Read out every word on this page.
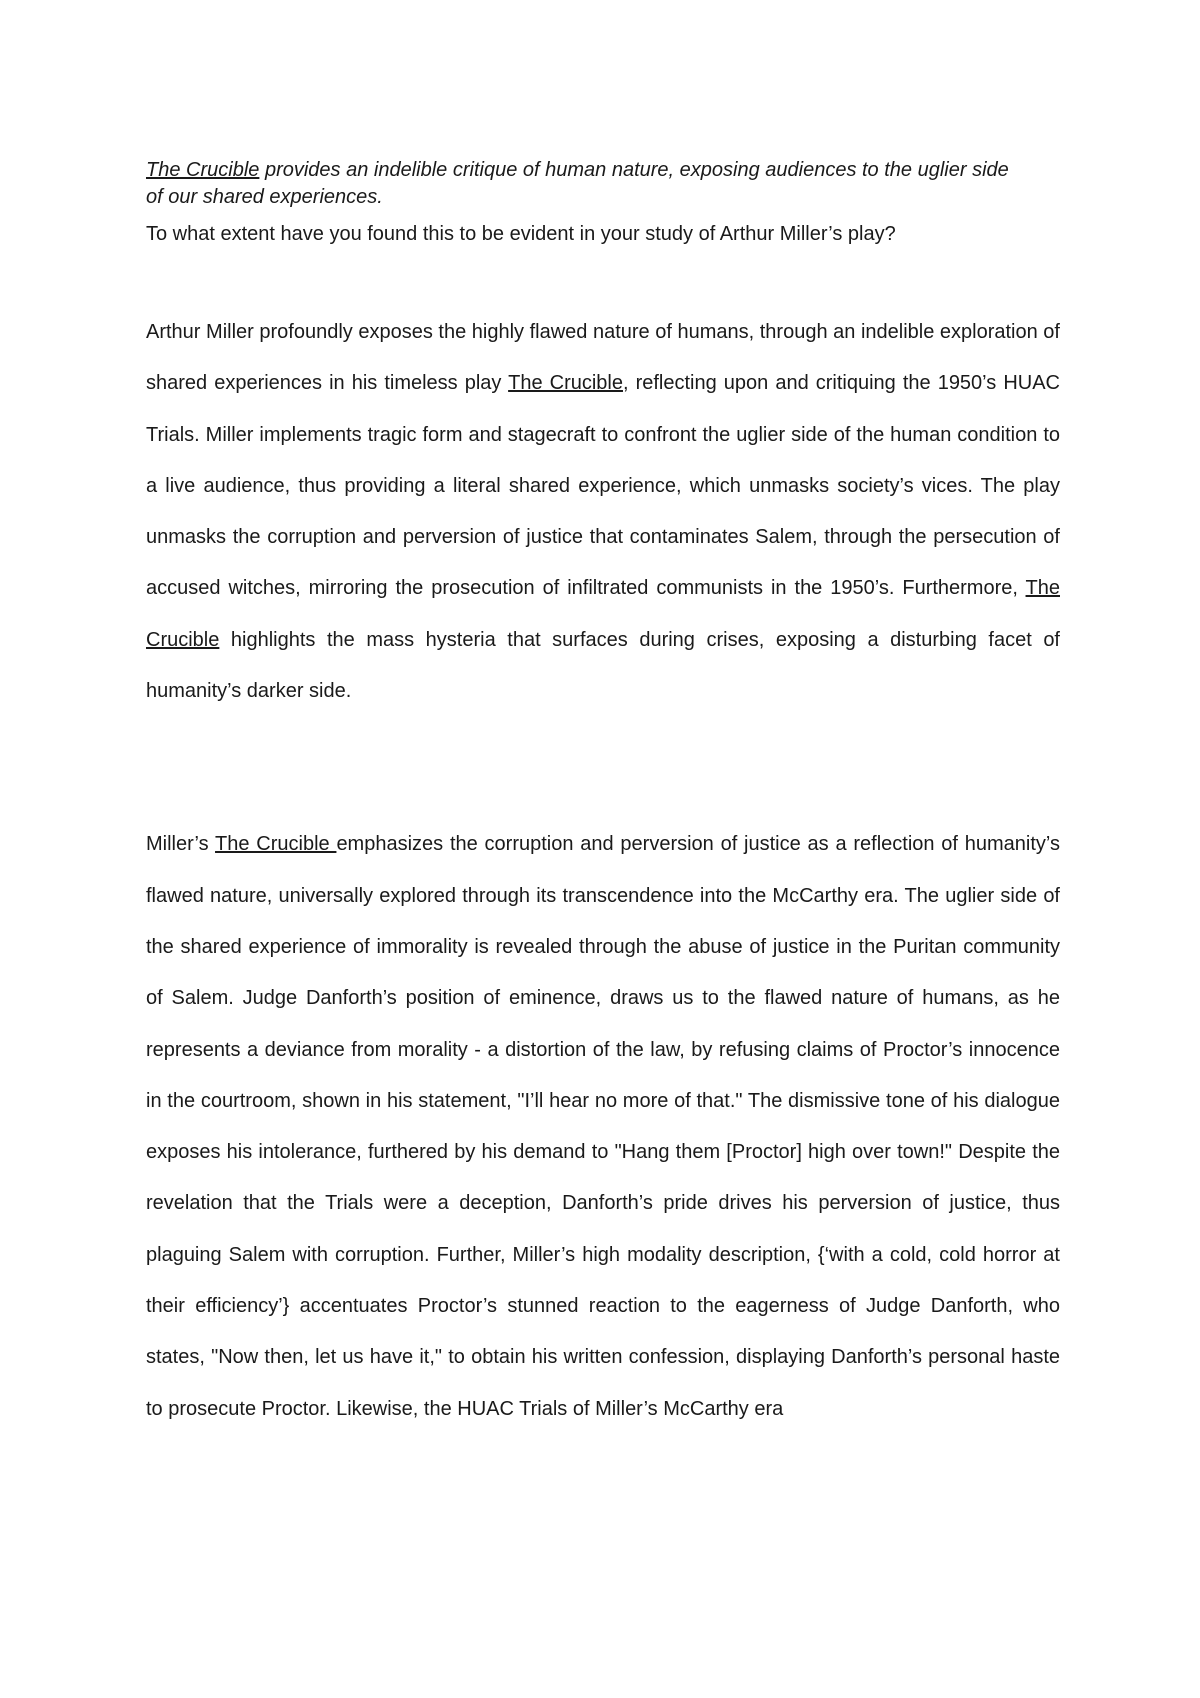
The Crucible provides an indelible critique of human nature, exposing audiences to the uglier side of our shared experiences.

To what extent have you found this to be evident in your study of Arthur Miller’s play?

Arthur Miller profoundly exposes the highly flawed nature of humans, through an indelible exploration of shared experiences in his timeless play The Crucible, reflecting upon and critiquing the 1950’s HUAC Trials. Miller implements tragic form and stagecraft to confront the uglier side of the human condition to a live audience, thus providing a literal shared experience, which unmasks society’s vices. The play unmasks the corruption and perversion of justice that contaminates Salem, through the persecution of accused witches, mirroring the prosecution of infiltrated communists in the 1950’s. Furthermore, The Crucible highlights the mass hysteria that surfaces during crises, exposing a disturbing facet of humanity’s darker side.

Miller’s The Crucible emphasizes the corruption and perversion of justice as a reflection of humanity’s flawed nature, universally explored through its transcendence into the McCarthy era. The uglier side of the shared experience of immorality is revealed through the abuse of justice in the Puritan community of Salem. Judge Danforth’s position of eminence, draws us to the flawed nature of humans, as he represents a deviance from morality - a distortion of the law, by refusing claims of Proctor’s innocence in the courtroom, shown in his statement, "I’ll hear no more of that." The dismissive tone of his dialogue exposes his intolerance, furthered by his demand to "Hang them [Proctor] high over town!" Despite the revelation that the Trials were a deception, Danforth’s pride drives his perversion of justice, thus plaguing Salem with corruption. Further, Miller’s high modality description, {‘with a cold, cold horror at their efficiency’} accentuates Proctor’s stunned reaction to the eagerness of Judge Danforth, who states, "Now then, let us have it," to obtain his written confession, displaying Danforth’s personal haste to prosecute Proctor. Likewise, the HUAC Trials of Miller’s McCarthy era
